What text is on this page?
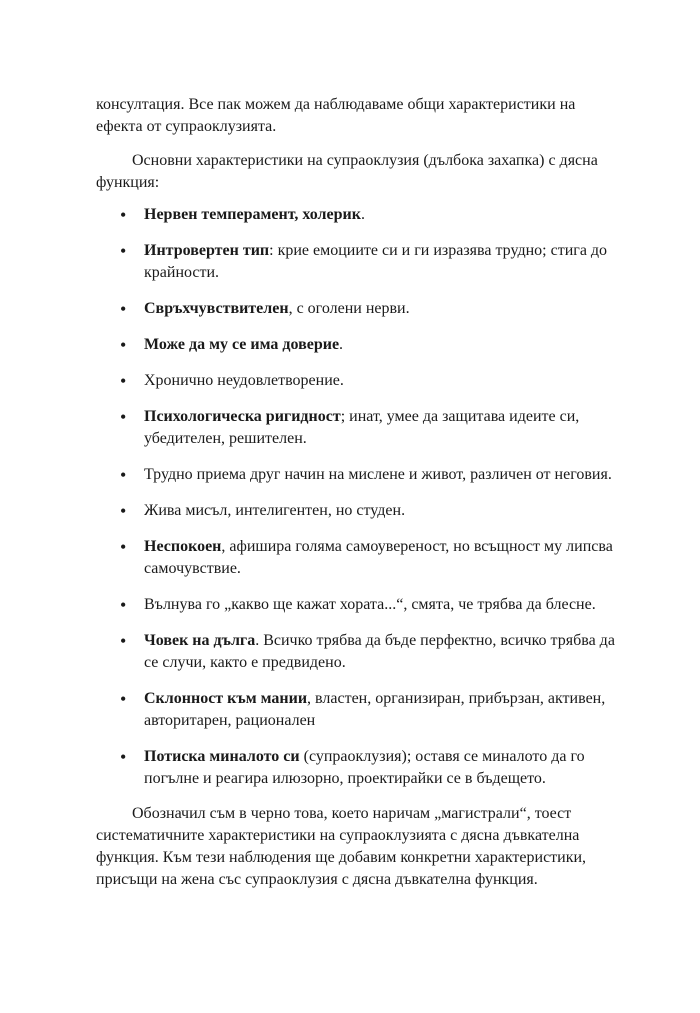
консултация. Все пак можем да наблюдаваме общи характеристики на ефекта от супраоклузията.

Основни характеристики на супраоклузия (дълбока захапка) с дясна функция:

• Нервен темперамент, холерик.
• Интровертен тип: крие емоциите си и ги изразява трудно; стига до крайности.
• Свръхчувствителен, с оголени нерви.
• Може да му се има доверие.
• Хронично неудовлетворение.
• Психологическа ригидност; инат, умее да защитава идеите си, убедителен, решителен.
• Трудно приема друг начин на мислене и живот, различен от неговия.
• Жива мисъл, интелигентен, но студен.
• Неспокоен, афишира голяма самоувереност, но всъщност му липсва самочувствие.
• Вълнува го „какво ще кажат хората...“, смята, че трябва да блесне.
• Човек на дълга. Всичко трябва да бъде перфектно, всичко трябва да се случи, както е предвидено.
• Склонност към мании, властен, организиран, прибързан, активен, авторитарен, рационален
• Потиска миналото си (супраоклузия); оставя се миналото да го погълне и реагира илюзорно, проектирайки се в бъдещето.

Обозначил съм в черно това, което наричам „магистрали“, тоест систематичните характеристики на супраоклузията с дясна дъвкателна функция. Към тези наблюдения ще добавим конкретни характеристики, присъщи на жена със супраоклузия с дясна дъвкателна функция.
